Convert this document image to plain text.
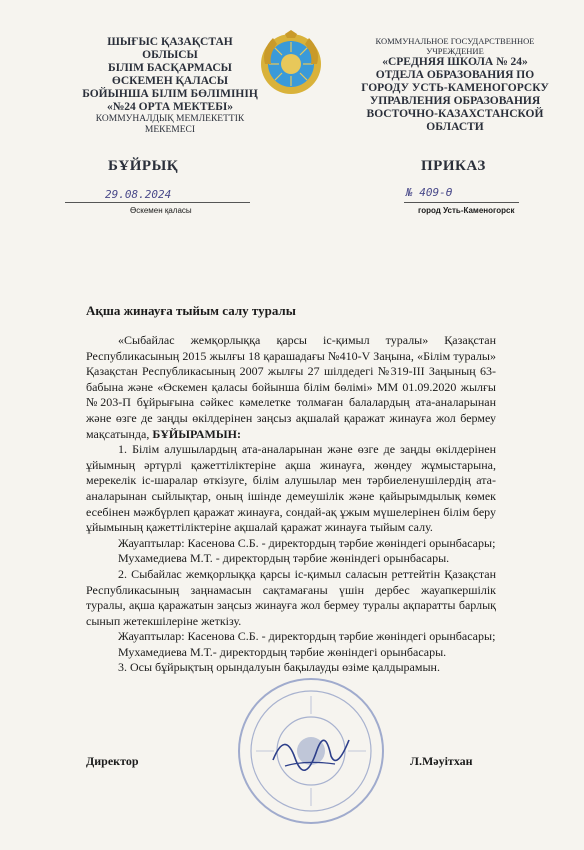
ШЫҒЫС ҚАЗАҚСТАН
ОБЛЫСЫ
БІЛІМ БАСҚАРМАСЫ
ӨСКЕМЕН ҚАЛАСЫ
БОЙЫНША БІЛІМ БӨЛІМІНІҢ
«№24 ОРТА МЕКТЕБІ»
КОММУНАЛДЫҚ МЕМЛЕКЕТТІК
МЕКЕМЕСІ
КОММУНАЛЬНОЕ ГОСУДАРСТВЕННОЕ
УЧРЕЖДЕНИЕ
«СРЕДНЯЯ ШКОЛА № 24»
ОТДЕЛА ОБРАЗОВАНИЯ ПО
ГОРОДУ УСТЬ-КАМЕНОГОРСКУ
УПРАВЛЕНИЯ ОБРАЗОВАНИЯ
ВОСТОЧНО-КАЗАХСТАНСКОЙ
ОБЛАСТИ
БҰЙРЫҚ	ПРИКАЗ
29.08.2024
Өскемен қаласы
№ 409-Ө
город Усть-Каменогорск
Ақша жинауға тыйым салу туралы

«Сыбайлас жемқорлыққа қарсы іс-қимыл туралы» Қазақстан Республикасының 2015 жылғы 18 қарашадағы №410-V Заңына, «Білім туралы» Қазақстан Республикасының 2007 жылғы 27 шілдедегі №319-III Заңының 63-бабына және «Өскемен қаласы бойынша білім бөлімі» ММ 01.09.2020 жылғы №203-П бұйрығына сәйкес кәмелетке толмаған балалардың ата-аналарынан және өзге де заңды өкілдерінен заңсыз ақшалай қаражат жинауға жол бермеу мақсатында, БҰЙЫРАМЫН:

1. Білім алушылардың ата-аналарынан және өзге де заңды өкілдерінен ұйымның әртүрлі қажеттіліктеріне ақша жинауға, жөндеу жұмыстарына, мерекелік іс-шаралар өткізуге, білім алушылар мен тәрбиеленушілердің ата-аналарынан сыйлықтар, оның ішінде демеушілік және қайырымдылық көмек есебінен мәжбүрлеп қаражат жинауға, сондай-ақ ұжым мүшелерінен білім беру ұйымының қажеттіліктеріне ақшалай қаражат жинауға тыйым салу.

Жауаптылар: Касенова С.Б. - директордың тәрбие жөніндегі орынбасары;

Мухамедиева М.Т. - директордың тәрбие жөніндегі орынбасары.

2. Сыбайлас жемқорлыққа қарсы іс-қимыл саласын реттейтін Қазақстан Республикасының заңнамасын сақтамағаны үшін дербес жауапкершілік туралы, ақша қаражатын заңсыз жинауға жол бермеу туралы ақпаратты барлық сынып жетекшілеріне жеткізу.

Жауаптылар: Касенова С.Б. - директордың тәрбие жөніндегі орынбасары;

Мухамедиева М.Т.- директордың тәрбие жөніндегі орынбасары.

3. Осы бұйрықтың орындалуын бақылауды өзіме қалдырамын.

Директор	Л.Мәуітхан
